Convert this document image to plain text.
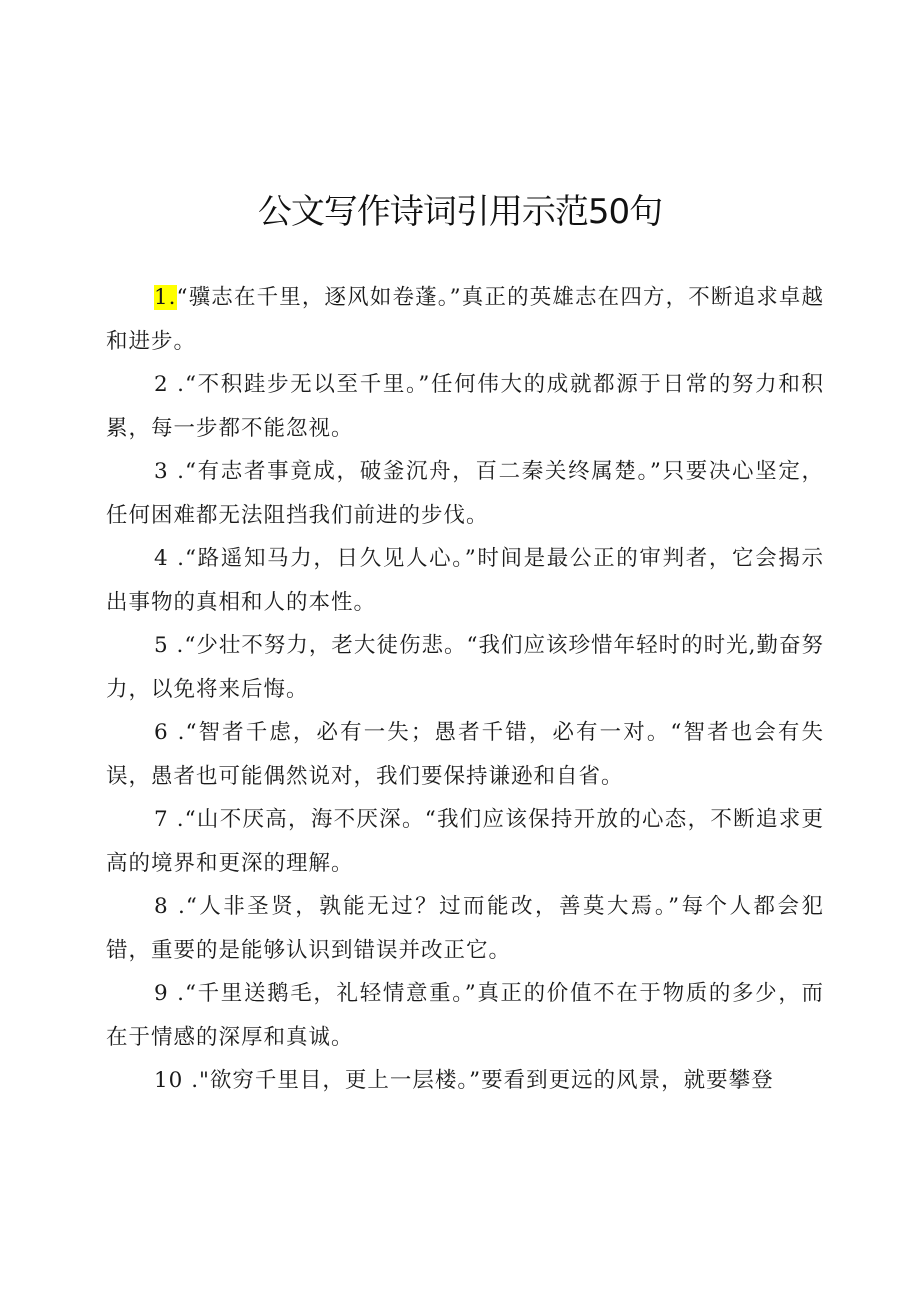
公文写作诗词引用示范50句

1.“骥志在千里，逐风如卷蓬。”真正的英雄志在四方，不断追求卓越和进步。

2 .“不积跬步无以至千里。”任何伟大的成就都源于日常的努力和积累，每一步都不能忽视。

3 .“有志者事竟成，破釜沉舟，百二秦关终属楚。”只要决心坚定，任何困难都无法阻挡我们前进的步伐。

4 .“路遥知马力，日久见人心。”时间是最公正的审判者，它会揭示出事物的真相和人的本性。

5 .“少壮不努力，老大徒伤悲。“我们应该珍惜年轻时的时光,勤奋努力，以免将来后悔。

6 .“智者千虑，必有一失；愚者千错，必有一对。“智者也会有失误，愚者也可能偶然说对，我们要保持谦逊和自省。

7 .“山不厌高，海不厌深。“我们应该保持开放的心态，不断追求更高的境界和更深的理解。

8 .“人非圣贤，孰能无过？过而能改，善莫大焉。”每个人都会犯错，重要的是能够认识到错误并改正它。

9 .“千里送鹅毛，礼轻情意重。”真正的价值不在于物质的多少，而在于情感的深厚和真诚。

10 ."欲穷千里目，更上一层楼。”要看到更远的风景，就要攀登
